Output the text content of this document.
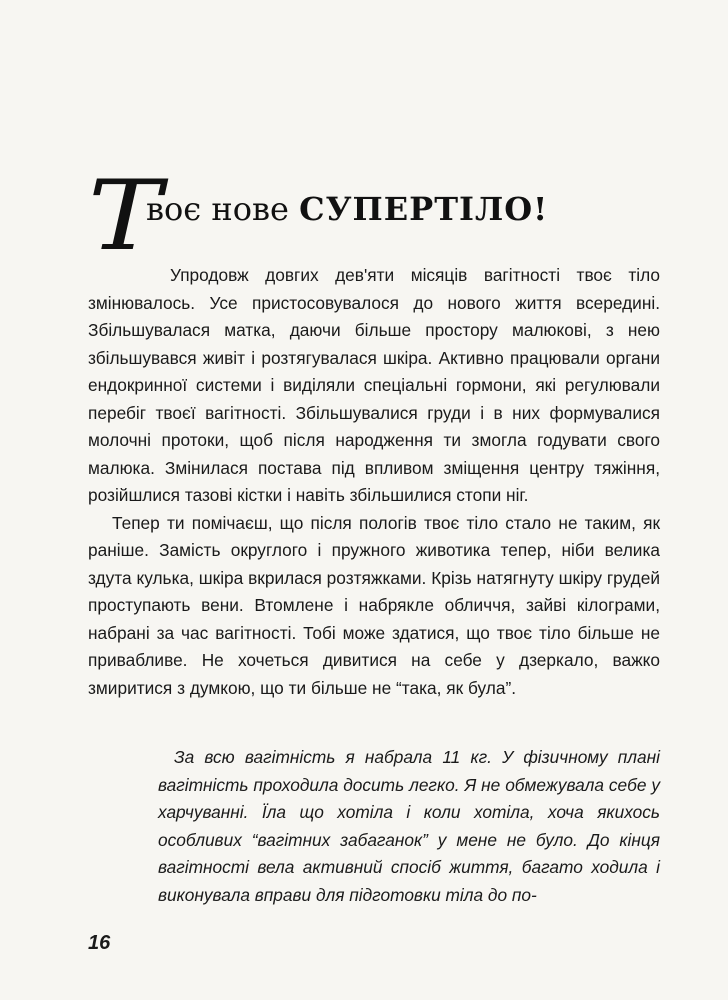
Т
воє нове СУПЕРТІЛО!

Упродовж довгих дев'яти місяців вагітності твоє тіло змінювалось. Усе пристосовувалося до нового життя всередині. Збільшувалася матка, даючи більше простору малюкові, з нею збільшувався живіт і розтягувалася шкіра. Активно працювали органи ендокринної системи і виділяли спеціальні гормони, які регулювали перебіг твоєї вагітності. Збільшувалися груди і в них формувалися молочні протоки, щоб після народження ти змогла годувати свого малюка. Змінилася постава під впливом зміщення центру тяжіння, розійшлися тазові кістки і навіть збільшилися стопи ніг.

Тепер ти помічаєш, що після пологів твоє тіло стало не таким, як раніше. Замість округлого і пружного животика тепер, ніби велика здута кулька, шкіра вкрилася розтяжками. Крізь натягнуту шкіру грудей проступають вени. Втомлене і набрякле обличчя, зайві кілограми, набрані за час вагітності. Тобі може здатися, що твоє тіло більше не привабливе. Не хочеться дивитися на себе у дзеркало, важко змиритися з думкою, що ти більше не “така, як була”.

За всю вагітність я набрала 11 кг. У фізичному плані вагітність проходила досить легко. Я не обмежувала себе у харчуванні. Їла що хотіла і коли хотіла, хоча якихось особливих “вагітних забаганок” у мене не було. До кінця вагітності вела активний спосіб життя, багато ходила і виконувала вправи для підготовки тіла до по-

16
